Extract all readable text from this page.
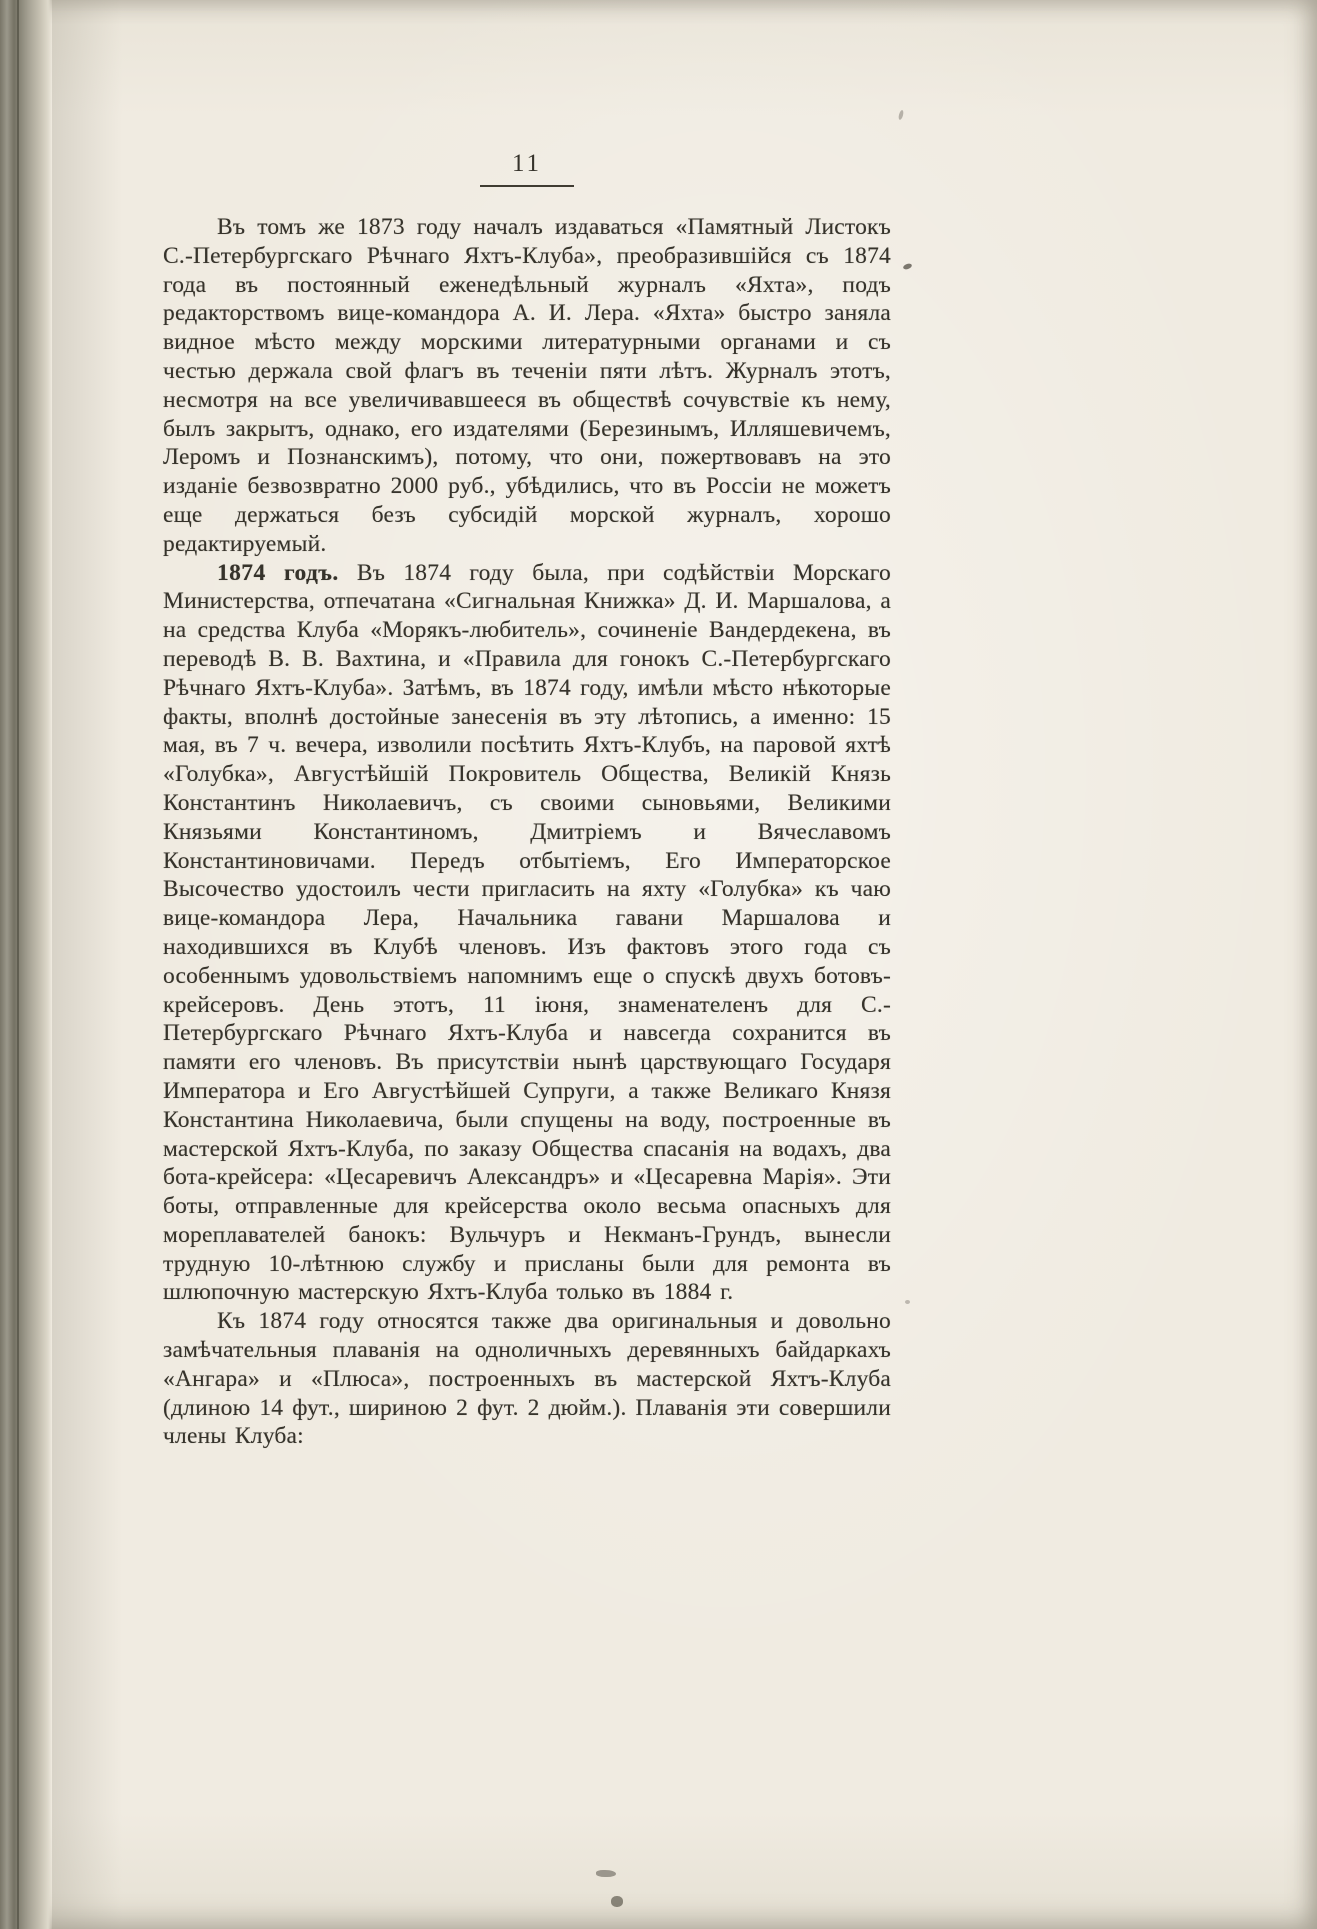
11

Въ томъ же 1873 году началъ издаваться «Памятный Листокъ С.-Петербургскаго Рѣчнаго Яхтъ-Клуба», преобразившійся съ 1874 года въ постоянный еженедѣльный журналъ «Яхта», подъ редакторствомъ вице-командора А. И. Лера. «Яхта» быстро заняла видное мѣсто между морскими литературными органами и съ честью держала свой флагъ въ теченіи пяти лѣтъ. Журналъ этотъ, несмотря на все увеличивавшееся въ обществѣ сочувствіе къ нему, былъ закрытъ, однако, его издателями (Березинымъ, Илляшевичемъ, Леромъ и Познанскимъ), потому, что они, пожертвовавъ на это изданіе безвозвратно 2000 руб., убѣдились, что въ Россіи не можетъ еще держаться безъ субсидій морской журналъ, хорошо редактируемый.

1874 годъ. Въ 1874 году была, при содѣйствіи Морскаго Министерства, отпечатана «Сигнальная Книжка» Д. И. Маршалова, а на средства Клуба «Морякъ-любитель», сочиненіе Вандердекена, въ переводѣ В. В. Вахтина, и «Правила для гонокъ С.-Петербургскаго Рѣчнаго Яхтъ-Клуба». Затѣмъ, въ 1874 году, имѣли мѣсто нѣкоторые факты, вполнѣ достойные занесенія въ эту лѣтопись, а именно: 15 мая, въ 7 ч. вечера, изволили посѣтить Яхтъ-Клубъ, на паровой яхтѣ «Голубка», Августѣйшій Покровитель Общества, Великій Князь Константинъ Николаевичъ, съ своими сыновьями, Великими Князьями Константиномъ, Дмитріемъ и Вячеславомъ Константиновичами. Передъ отбытіемъ, Его Императорское Высочество удостоилъ чести пригласить на яхту «Голубка» къ чаю вице-командора Лера, Начальника гавани Маршалова и находившихся въ Клубѣ членовъ. Изъ фактовъ этого года съ особеннымъ удовольствіемъ напомнимъ еще о спускѣ двухъ ботовъ-крейсеровъ. День этотъ, 11 іюня, знаменателенъ для С.-Петербургскаго Рѣчнаго Яхтъ-Клуба и навсегда сохранится въ памяти его членовъ. Въ присутствіи нынѣ царствующаго Государя Императора и Его Августѣйшей Супруги, а также Великаго Князя Константина Николаевича, были спущены на воду, построенные въ мастерской Яхтъ-Клуба, по заказу Общества спасанія на водахъ, два бота-крейсера: «Цесаревичъ Александръ» и «Цесаревна Марія». Эти боты, отправленные для крейсерства около весьма опасныхъ для мореплавателей банокъ: Вульчуръ и Некманъ-Грундъ, вынесли трудную 10-лѣтнюю службу и присланы были для ремонта въ шлюпочную мастерскую Яхтъ-Клуба только въ 1884 г.

Къ 1874 году относятся также два оригинальныя и довольно замѣчательныя плаванія на одноличныхъ деревянныхъ байдаркахъ «Ангара» и «Плюса», построенныхъ въ мастерской Яхтъ-Клуба (длиною 14 фут., шириною 2 фут. 2 дюйм.). Плаванія эти совершили члены Клуба:
